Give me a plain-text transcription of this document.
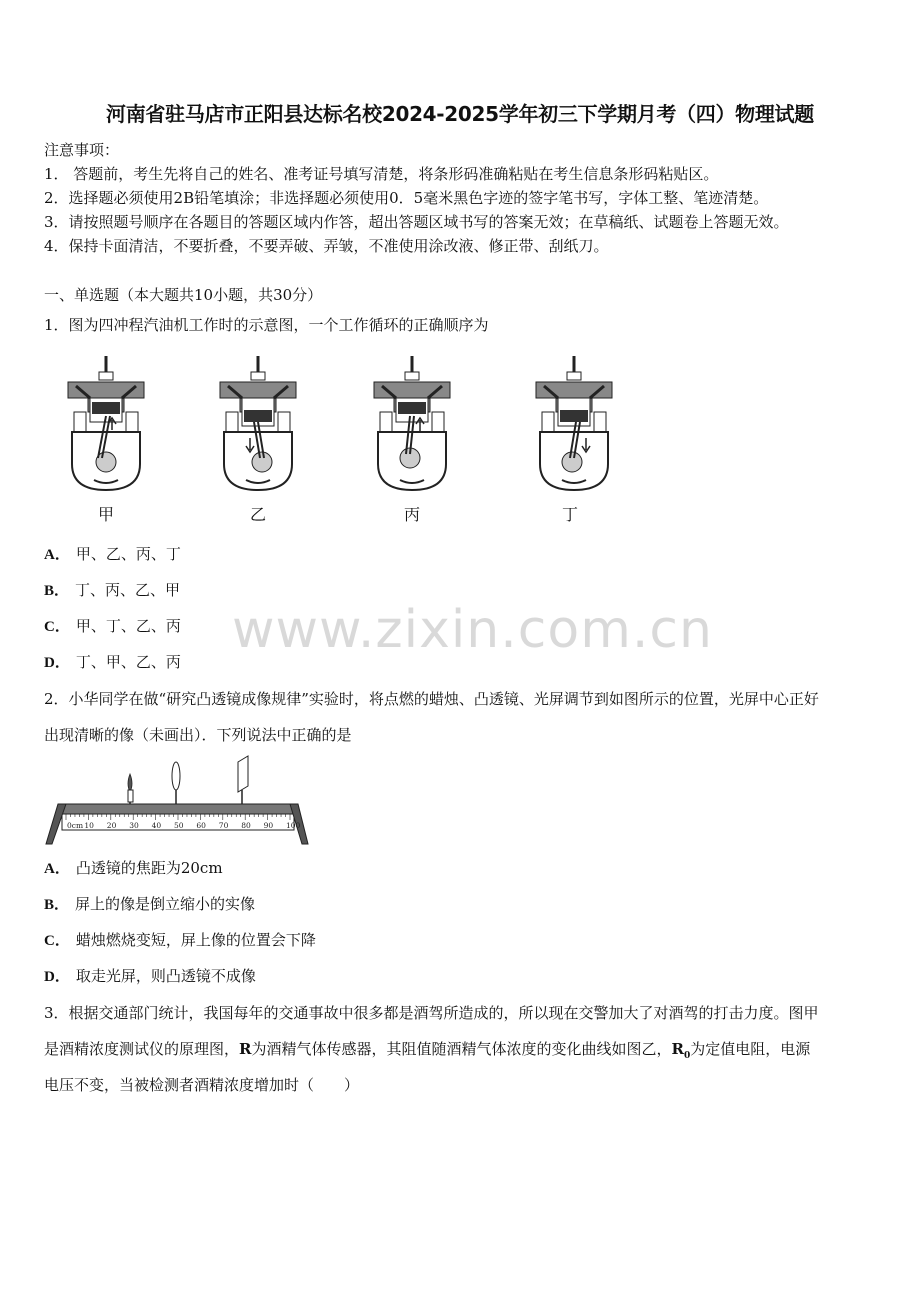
河南省驻马店市正阳县达标名校2024-2025学年初三下学期月考（四）物理试题
注意事项：
1． 答题前，考生先将自己的姓名、准考证号填写清楚，将条形码准确粘贴在考生信息条形码粘贴区。
2．选择题必须使用2B铅笔填涂；非选择题必须使用0．5毫米黑色字迹的签字笔书写，字体工整、笔迹清楚。
3．请按照题号顺序在各题目的答题区域内作答，超出答题区域书写的答案无效；在草稿纸、试题卷上答题无效。
4．保持卡面清洁，不要折叠，不要弄破、弄皱，不准使用涂改液、修正带、刮纸刀。
一、单选题（本大题共10小题，共30分）
1．图为四冲程汽油机工作时的示意图，一个工作循环的正确顺序为
甲	乙	丙	丁
A． 甲、乙、丙、丁
B． 丁、丙、乙、甲
C． 甲、丁、乙、丙
D． 丁、甲、乙、丙
www.zixin.com.cn
2．小华同学在做“研究凸透镜成像规律”实验时，将点燃的蜡烛、凸透镜、光屏调节到如图所示的位置，光屏中心正好
出现清晰的像（未画出）．下列说法中正确的是
0cm 10 20 30 40 50 60 70 80 90 100
A． 凸透镜的焦距为20cm
B． 屏上的像是倒立缩小的实像
C． 蜡烛燃烧变短，屏上像的位置会下降
D． 取走光屏，则凸透镜不成像
3．根据交通部门统计，我国每年的交通事故中很多都是酒驾所造成的，所以现在交警加大了对酒驾的打击力度。图甲
是酒精浓度测试仪的原理图，R为酒精气体传感器，其阻值随酒精气体浓度的变化曲线如图乙，$R_0$为定值电阻，电源
电压不变，当被检测者酒精浓度增加时（　　）
